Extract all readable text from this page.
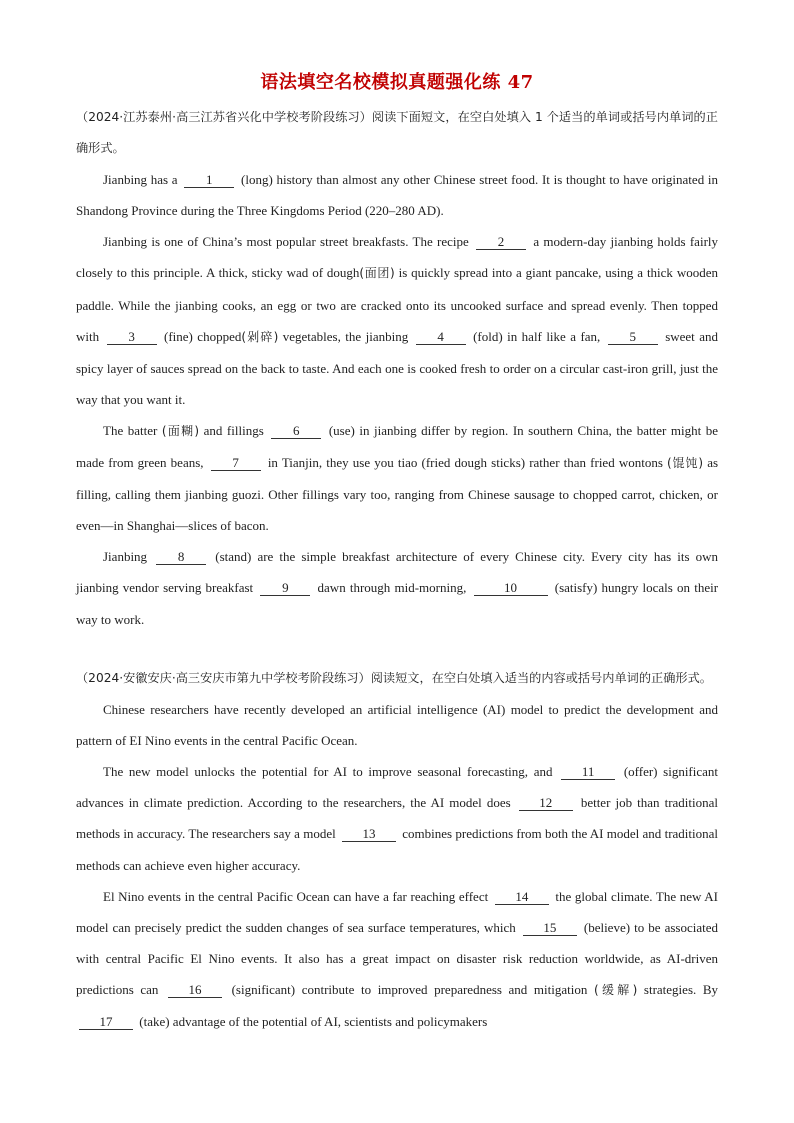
语法填空名校模拟真题强化练 47

（2024·江苏泰州·高三江苏省兴化中学校考阶段练习）阅读下面短文，在空白处填入 1 个适当的单词或括号内单词的正确形式。

Jianbing has a 1 (long) history than almost any other Chinese street food. It is thought to have originated in Shandong Province during the Three Kingdoms Period (220–280 AD).

Jianbing is one of China’s most popular street breakfasts. The recipe 2 a modern-day jianbing holds fairly closely to this principle. A thick, sticky wad of dough(面团) is quickly spread into a giant pancake, using a thick wooden paddle. While the jianbing cooks, an egg or two are cracked onto its uncooked surface and spread evenly. Then topped with 3 (fine) chopped(剁碎) vegetables, the jianbing 4 (fold) in half like a fan, 5 sweet and spicy layer of sauces spread on the back to taste. And each one is cooked fresh to order on a circular cast-iron grill, just the way that you want it.

The batter (面糊) and fillings 6 (use) in jianbing differ by region. In southern China, the batter might be made from green beans, 7 in Tianjin, they use you tiao (fried dough sticks) rather than fried wontons (馄饨) as filling, calling them jianbing guozi. Other fillings vary too, ranging from Chinese sausage to chopped carrot, chicken, or even—in Shanghai—slices of bacon.

Jianbing 8 (stand) are the simple breakfast architecture of every Chinese city. Every city has its own jianbing vendor serving breakfast 9 dawn through mid-morning,	10	(satisfy) hungry locals on their way to work.

（2024·安徽安庆·高三安庆市第九中学校考阶段练习）阅读短文，在空白处填入适当的内容或括号内单词的正确形式。

Chinese researchers have recently developed an artificial intelligence (AI) model to predict the development and pattern of EI Nino events in the central Pacific Ocean.

The new model unlocks the potential for AI to improve seasonal forecasting, and 11 (offer) significant advances in climate prediction. According to the researchers, the AI model does 12 better job than traditional methods in accuracy. The researchers say a model 13 combines predictions from both the AI model and traditional methods can achieve even higher accuracy.

El Nino events in the central Pacific Ocean can have a far reaching effect 14 the global climate. The new AI model can precisely predict the sudden changes of sea surface temperatures, which 15 (believe) to be associated with central Pacific El Nino events. It also has a great impact on disaster risk reduction worldwide, as AI-driven predictions can 16 (significant) contribute to improved preparedness and mitigation (缓解) strategies. By 17 (take) advantage of the potential of AI, scientists and policymakers
